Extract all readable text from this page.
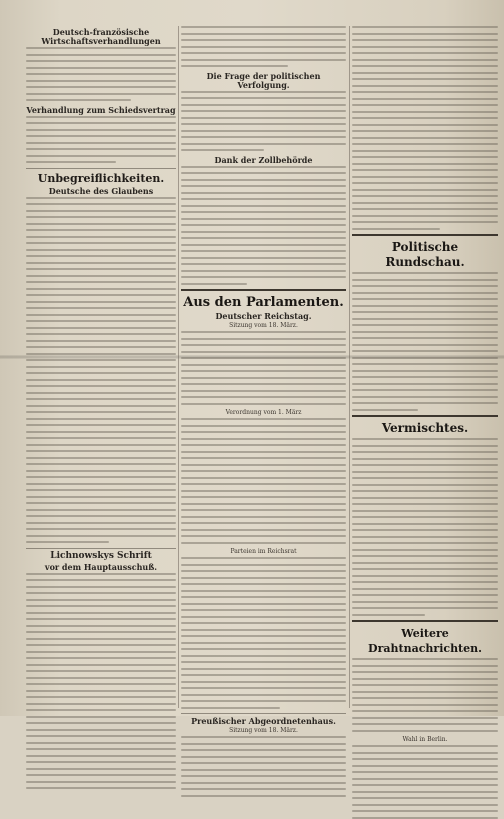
Deutsch-französische Wirtschaftsverhandlungen
Verhandlung zum Schiedsvertrag
Unbegreiflichkeiten.
Deutsche des Glaubens
Lichnowskys Schrift
vor dem Hauptausschuß.
Die Frage der politischen Verfolgung.
Dank der Zollbehörde
Aus den Parlamenten.
Deutscher Reichstag.
Sitzung vom 18. März.
Verordnung vom 1. März
Parteien im Reichsrat
Preußischer Abgeordnetenhaus.
Sitzung vom 18. März.
Politische Rundschau.
Vermischtes.
Weitere Drahtnachrichten.
Wahl in Berlin.
